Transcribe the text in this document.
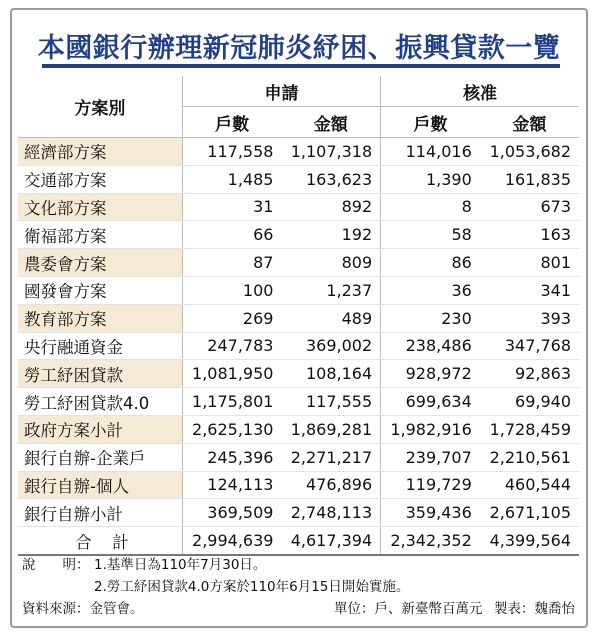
本國銀行辦理新冠肺炎紓困、振興貸款一覽
方案別	申請		核准	
	戶數	金額	戶數	金額
經濟部方案	117,558	1,107,318	114,016	1,053,682
交通部方案	1,485	163,623	1,390	161,835
文化部方案	31	892	8	673
衛福部方案	66	192	58	163
農委會方案	87	809	86	801
國發會方案	100	1,237	36	341
教育部方案	269	489	230	393
央行融通資金	247,783	369,002	238,486	347,768
勞工紓困貸款	1,081,950	108,164	928,972	92,863
勞工紓困貸款4.0	1,175,801	117,555	699,634	69,940
政府方案小計	2,625,130	1,869,281	1,982,916	1,728,459
銀行自辦-企業戶	245,396	2,271,217	239,707	2,210,561
銀行自辦-個人	124,113	476,896	119,729	460,544
銀行自辦小計	369,509	2,748,113	359,436	2,671,105
合　計	2,994,639	4,617,394	2,342,352	4,399,564
說　　明： 1.基準日為110年7月30日。
2.勞工紓困貸款4.0方案於110年6月15日開始實施。
資料來源：金管會。	單位：戶、新臺幣百萬元 製表：魏喬怡
